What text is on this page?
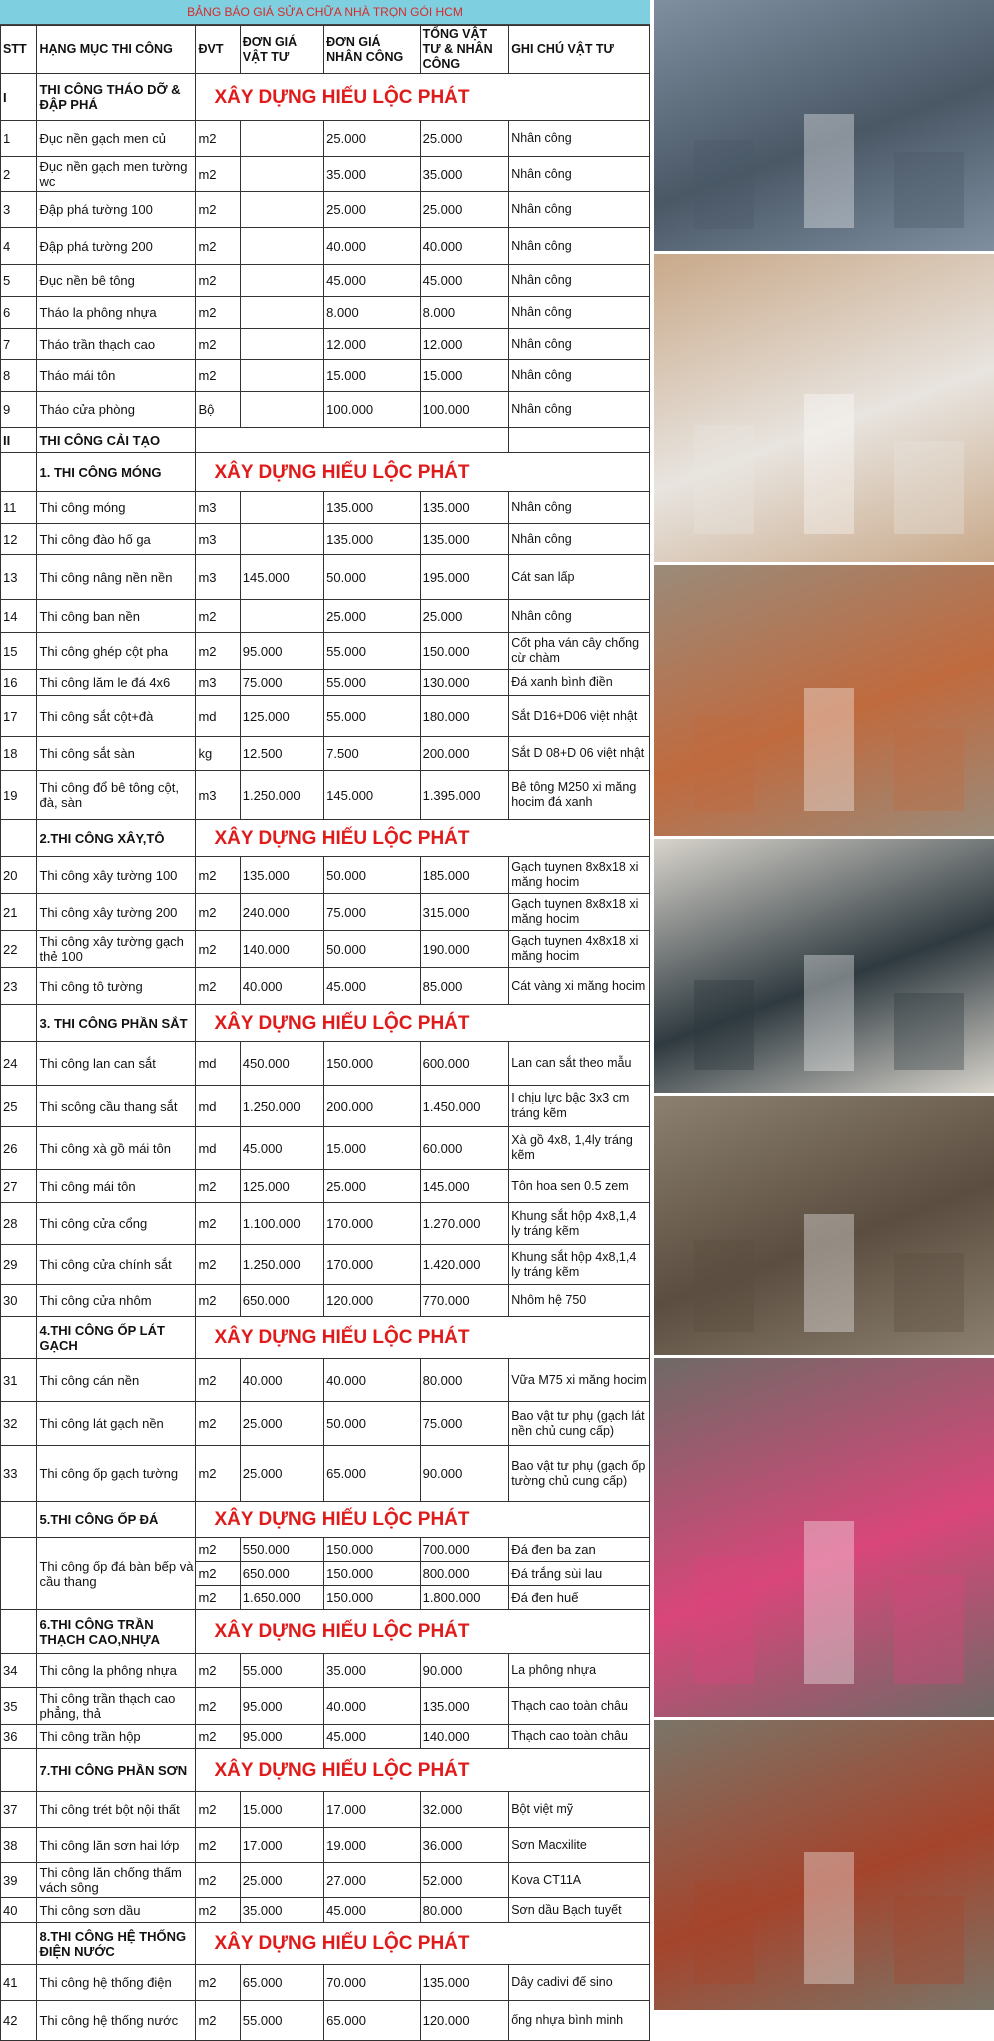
BẢNG BÁO GIÁ SỬA CHỮA NHÀ TRỌN GÓI HCM
STT	HẠNG MỤC THI CÔNG	ĐVT	ĐƠN GIÁ VẬT TƯ	ĐƠN GIÁ NHÂN CÔNG	TỔNG VẬT TƯ & NHÂN CÔNG	GHI CHÚ VẬT TƯ
I	THI CÔNG THÁO DỠ & ĐẬP PHÁ	XÂY DỰNG HIẾU LỘC PHÁT				
1	Đục nền gạch men củ	m2		25.000	25.000	Nhân công
2	Đục nền gạch men tường wc	m2		35.000	35.000	Nhân công
3	Đập phá tường 100	m2		25.000	25.000	Nhân công
4	Đập phá tường 200	m2		40.000	40.000	Nhân công
5	Đục nền bê tông	m2		45.000	45.000	Nhân công
6	Tháo la phông nhựa	m2		8.000	8.000	Nhân công
7	Tháo trần thạch cao	m2		12.000	12.000	Nhân công
8	Tháo mái tôn	m2		15.000	15.000	Nhân công
9	Tháo cửa phòng	Bộ		100.000	100.000	Nhân công
II	THI CÔNG CẢI TẠO					
	1. THI CÔNG MÓNG	XÂY DỰNG HIẾU LỘC PHÁT				
11	Thi công móng	m3		135.000	135.000	Nhân công
12	Thi công đào hố ga	m3		135.000	135.000	Nhân công
13	Thi công nâng nền nền	m3	145.000	50.000	195.000	Cát san lấp
14	Thi công ban nền	m2		25.000	25.000	Nhân công
15	Thi công ghép cột pha	m2	95.000	55.000	150.000	Cốt pha ván cây chống cừ chàm
16	Thi công lăm le đá 4x6	m3	75.000	55.000	130.000	Đá xanh bình điền
17	Thi công sắt cột+đà	md	125.000	55.000	180.000	Sắt D16+D06 việt nhật
18	Thi công sắt sàn	kg	12.500	7.500	200.000	Sắt D 08+D 06 việt nhật
19	Thi công đổ bê tông cột, đà, sàn	m3	1.250.000	145.000	1.395.000	Bê tông M250 xi măng hocim đá xanh
	2.THI CÔNG XÂY,TÔ	XÂY DỰNG HIẾU LỘC PHÁT				
20	Thi công xây tường 100	m2	135.000	50.000	185.000	Gạch tuynen 8x8x18 xi măng hocim
21	Thi công xây tường 200	m2	240.000	75.000	315.000	Gạch tuynen 8x8x18 xi măng hocim
22	Thi công xây tường gạch thẻ 100	m2	140.000	50.000	190.000	Gạch tuynen 4x8x18 xi măng hocim
23	Thi công tô tường	m2	40.000	45.000	85.000	Cát vàng xi măng hocim
	3. THI CÔNG PHẦN SẮT	XÂY DỰNG HIẾU LỘC PHÁT				
24	Thi công lan can sắt	md	450.000	150.000	600.000	Lan can sắt theo mẫu
25	Thi scông cầu thang sắt	md	1.250.000	200.000	1.450.000	I chịu lực bậc 3x3 cm tráng kẽm
26	Thi công xà gồ mái tôn	md	45.000	15.000	60.000	Xà gồ 4x8, 1,4ly tráng kẽm
27	Thi công mái tôn	m2	125.000	25.000	145.000	Tôn hoa sen 0.5 zem
28	Thi công cửa cổng	m2	1.100.000	170.000	1.270.000	Khung sắt hộp 4x8,1,4 ly tráng kẽm
29	Thi công cửa chính sắt	m2	1.250.000	170.000	1.420.000	Khung sắt hộp 4x8,1,4 ly tráng kẽm
30	Thi công cửa nhôm	m2	650.000	120.000	770.000	Nhôm hệ 750
	4.THI CÔNG ỐP LÁT GẠCH	XÂY DỰNG HIẾU LỘC PHÁT				
31	Thi công cán nền	m2	40.000	40.000	80.000	Vữa M75 xi măng hocim
32	Thi công lát gạch nền	m2	25.000	50.000	75.000	Bao vật tư phụ (gạch lát nền chủ cung cấp)
33	Thi công ốp gạch tường	m2	25.000	65.000	90.000	Bao vật tư phụ (gạch ốp tường chủ cung cấp)
	5.THI CÔNG ỐP ĐÁ	XÂY DỰNG HIẾU LỘC PHÁT				
	Thi công ốp đá bàn bếp và cầu thang	m2	550.000	150.000	700.000	Đá đen ba zan
		m2	650.000	150.000	800.000	Đá trắng sùi lau
		m2	1.650.000	150.000	1.800.000	Đá đen huế
	6.THI CÔNG TRẦN THẠCH CAO,NHỰA	XÂY DỰNG HIẾU LỘC PHÁT				
34	Thi công la phông nhựa	m2	55.000	35.000	90.000	La phông nhựa
35	Thi công trần thạch cao phẳng, thả	m2	95.000	40.000	135.000	Thạch cao toàn châu
36	Thi công trần hộp	m2	95.000	45.000	140.000	Thạch cao toàn châu
	7.THI CÔNG PHẦN SƠN	XÂY DỰNG HIẾU LỘC PHÁT				
37	Thi công trét bột nội thất	m2	15.000	17.000	32.000	Bột việt mỹ
38	Thi công lăn sơn hai lớp	m2	17.000	19.000	36.000	Sơn Macxilite
39	Thi công lăn chống thấm vách sông	m2	25.000	27.000	52.000	Kova CT11A
40	Thi công sơn dầu	m2	35.000	45.000	80.000	Sơn dầu Bạch tuyết
	8.THI CÔNG HỆ THỐNG ĐIỆN NƯỚC	XÂY DỰNG HIẾU LỘC PHÁT				
41	Thi công hệ thống điện	m2	65.000	70.000	135.000	Dây cadivi đế sino
42	Thi công hệ thống nước	m2	55.000	65.000	120.000	ống nhựa bình minh
